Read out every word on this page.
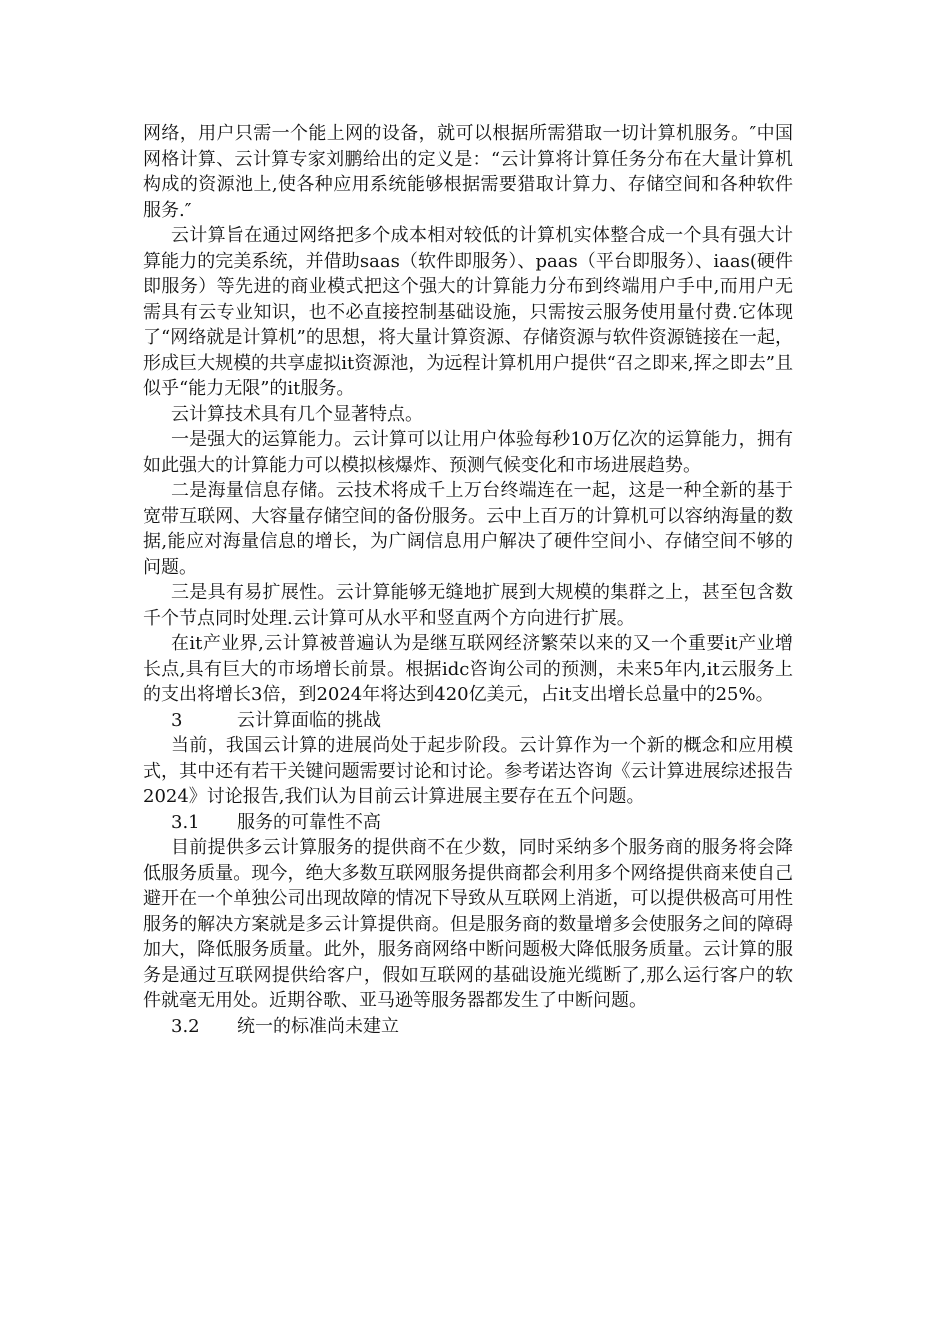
网络，用户只需一个能上网的设备，就可以根据所需猎取一切计算机服务。″中国网格计算、云计算专家刘鹏给出的定义是：“云计算将计算任务分布在大量计算机构成的资源池上,使各种应用系统能够根据需要猎取计算力、存储空间和各种软件服务.″

云计算旨在通过网络把多个成本相对较低的计算机实体整合成一个具有强大计算能力的完美系统，并借助saas（软件即服务）、paas（平台即服务）、iaas(硬件即服务）等先进的商业模式把这个强大的计算能力分布到终端用户手中,而用户无需具有云专业知识，也不必直接控制基础设施，只需按云服务使用量付费.它体现了“网络就是计算机”的思想，将大量计算资源、存储资源与软件资源链接在一起，形成巨大规模的共享虚拟it资源池，为远程计算机用户提供“召之即来,挥之即去”且似乎“能力无限”的it服务。

云计算技术具有几个显著特点。

一是强大的运算能力。云计算可以让用户体验每秒10万亿次的运算能力，拥有如此强大的计算能力可以模拟核爆炸、预测气候变化和市场进展趋势。

二是海量信息存储。云技术将成千上万台终端连在一起，这是一种全新的基于宽带互联网、大容量存储空间的备份服务。云中上百万的计算机可以容纳海量的数据,能应对海量信息的增长，为广阔信息用户解决了硬件空间小、存储空间不够的问题。

三是具有易扩展性。云计算能够无缝地扩展到大规模的集群之上，甚至包含数千个节点同时处理.云计算可从水平和竖直两个方向进行扩展。

在it产业界,云计算被普遍认为是继互联网经济繁荣以来的又一个重要it产业增长点,具有巨大的市场增长前景。根据idc咨询公司的预测，未来5年内,it云服务上的支出将增长3倍，到2024年将达到420亿美元，占it支出增长总量中的25%。

3	云计算面临的挑战

当前，我国云计算的进展尚处于起步阶段。云计算作为一个新的概念和应用模式，其中还有若干关键问题需要讨论和讨论。参考诺达咨询《云计算进展综述报告2024》讨论报告,我们认为目前云计算进展主要存在五个问题。

3.1 服务的可靠性不高

目前提供多云计算服务的提供商不在少数，同时采纳多个服务商的服务将会降低服务质量。现今，绝大多数互联网服务提供商都会利用多个网络提供商来使自己避开在一个单独公司出现故障的情况下导致从互联网上消逝，可以提供极高可用性服务的解决方案就是多云计算提供商。但是服务商的数量增多会使服务之间的障碍加大，降低服务质量。此外，服务商网络中断问题极大降低服务质量。云计算的服务是通过互联网提供给客户，假如互联网的基础设施光缆断了,那么运行客户的软件就毫无用处。近期谷歌、亚马逊等服务器都发生了中断问题。

3.2 统一的标准尚未建立
